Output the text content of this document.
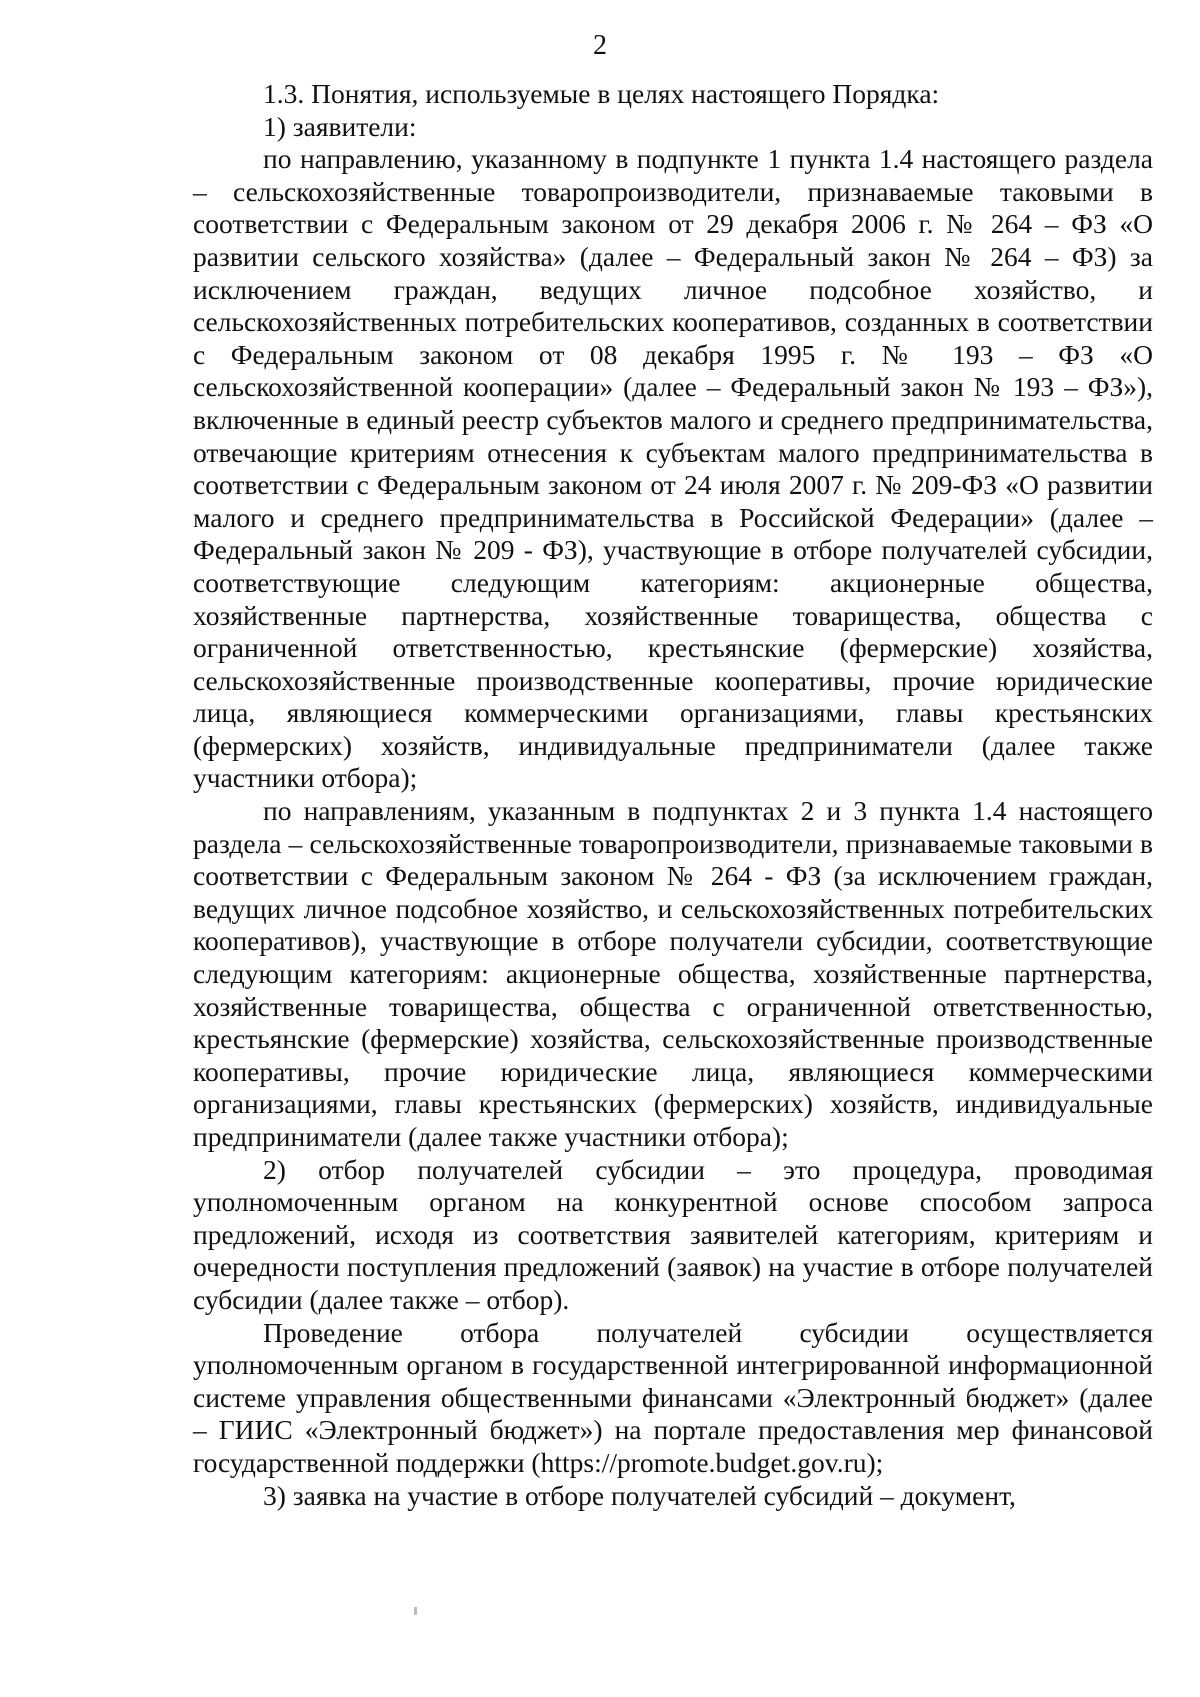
2

1.3. Понятия, используемые в целях настоящего Порядка:

1) заявители:

по направлению, указанному в подпункте 1 пункта 1.4 настоящего раздела – сельскохозяйственные товаропроизводители, признаваемые таковыми в соответствии с Федеральным законом от 29 декабря 2006 г. № 264 – ФЗ «О развитии сельского хозяйства» (далее – Федеральный закон № 264 – ФЗ) за исключением граждан, ведущих личное подсобное хозяйство, и сельскохозяйственных потребительских кооперативов, созданных в соответствии с Федеральным законом от 08 декабря 1995 г. № 193 – ФЗ «О сельскохозяйственной кооперации» (далее – Федеральный закон № 193 – ФЗ»), включенные в единый реестр субъектов малого и среднего предпринимательства, отвечающие критериям отнесения к субъектам малого предпринимательства в соответствии с Федеральным законом от 24 июля 2007 г. № 209-ФЗ «О развитии малого и среднего предпринимательства в Российской Федерации» (далее – Федеральный закон № 209 - ФЗ), участвующие в отборе получателей субсидии, соответствующие следующим категориям: акционерные общества, хозяйственные партнерства, хозяйственные товарищества, общества с ограниченной ответственностью, крестьянские (фермерские) хозяйства, сельскохозяйственные производственные кооперативы, прочие юридические лица, являющиеся коммерческими организациями, главы крестьянских (фермерских) хозяйств, индивидуальные предприниматели (далее также участники отбора);

по направлениям, указанным в подпунктах 2 и 3 пункта 1.4 настоящего раздела – сельскохозяйственные товаропроизводители, признаваемые таковыми в соответствии с Федеральным законом № 264 - ФЗ (за исключением граждан, ведущих личное подсобное хозяйство, и сельскохозяйственных потребительских кооперативов), участвующие в отборе получатели субсидии, соответствующие следующим категориям: акционерные общества, хозяйственные партнерства, хозяйственные товарищества, общества с ограниченной ответственностью, крестьянские (фермерские) хозяйства, сельскохозяйственные производственные кооперативы, прочие юридические лица, являющиеся коммерческими организациями, главы крестьянских (фермерских) хозяйств, индивидуальные предприниматели (далее также участники отбора);

2) отбор получателей субсидии – это процедура, проводимая уполномоченным органом на конкурентной основе способом запроса предложений, исходя из соответствия заявителей категориям, критериям и очередности поступления предложений (заявок) на участие в отборе получателей субсидии (далее также – отбор).

Проведение отбора получателей субсидии осуществляется уполномоченным органом в государственной интегрированной информационной системе управления общественными финансами «Электронный бюджет» (далее – ГИИС «Электронный бюджет») на портале предоставления мер финансовой государственной поддержки (https://promote.budget.gov.ru);

3) заявка на участие в отборе получателей субсидий – документ,
